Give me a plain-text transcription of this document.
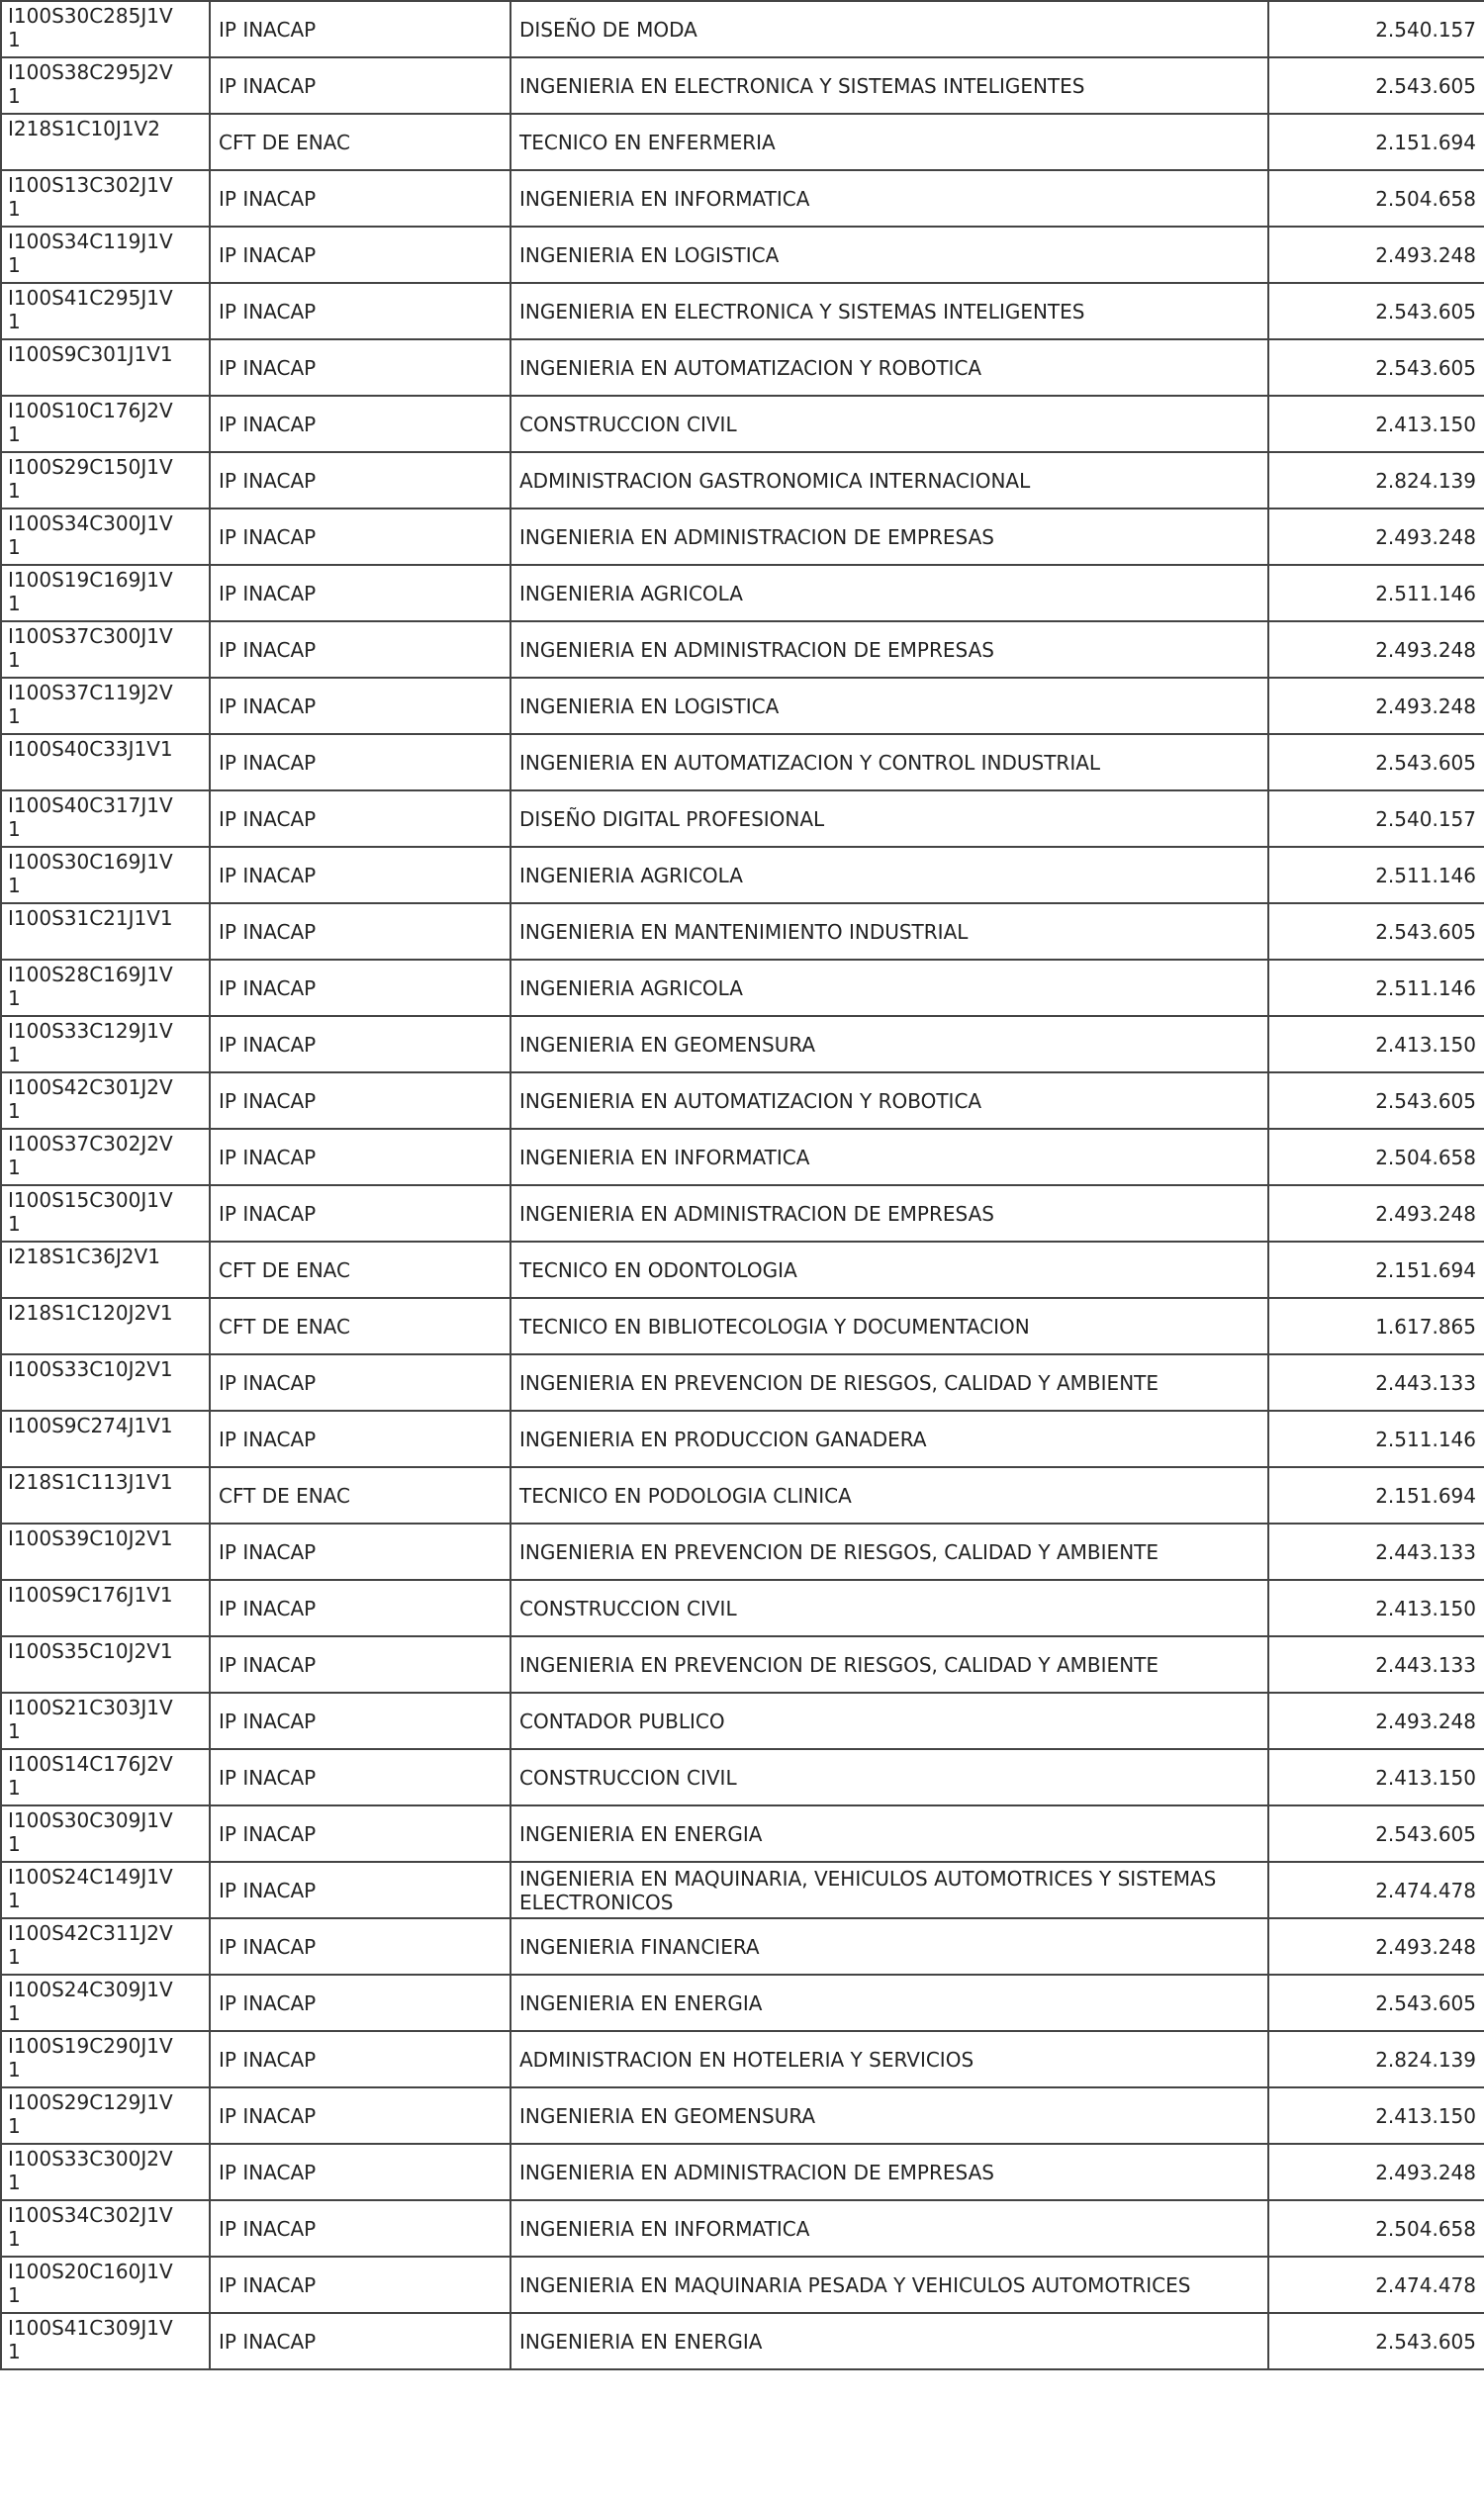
I100S30C285J1V1	IP INACAP	DISEÑO DE MODA	2.540.157
I100S38C295J2V1	IP INACAP	INGENIERIA EN ELECTRONICA Y SISTEMAS INTELIGENTES	2.543.605
I218S1C10J1V2	CFT DE ENAC	TECNICO EN ENFERMERIA	2.151.694
I100S13C302J1V1	IP INACAP	INGENIERIA EN INFORMATICA	2.504.658
I100S34C119J1V1	IP INACAP	INGENIERIA EN LOGISTICA	2.493.248
I100S41C295J1V1	IP INACAP	INGENIERIA EN ELECTRONICA Y SISTEMAS INTELIGENTES	2.543.605
I100S9C301J1V1	IP INACAP	INGENIERIA EN AUTOMATIZACION Y ROBOTICA	2.543.605
I100S10C176J2V1	IP INACAP	CONSTRUCCION CIVIL	2.413.150
I100S29C150J1V1	IP INACAP	ADMINISTRACION GASTRONOMICA INTERNACIONAL	2.824.139
I100S34C300J1V1	IP INACAP	INGENIERIA EN ADMINISTRACION DE EMPRESAS	2.493.248
I100S19C169J1V1	IP INACAP	INGENIERIA AGRICOLA	2.511.146
I100S37C300J1V1	IP INACAP	INGENIERIA EN ADMINISTRACION DE EMPRESAS	2.493.248
I100S37C119J2V1	IP INACAP	INGENIERIA EN LOGISTICA	2.493.248
I100S40C33J1V1	IP INACAP	INGENIERIA EN AUTOMATIZACION Y CONTROL INDUSTRIAL	2.543.605
I100S40C317J1V1	IP INACAP	DISEÑO DIGITAL PROFESIONAL	2.540.157
I100S30C169J1V1	IP INACAP	INGENIERIA AGRICOLA	2.511.146
I100S31C21J1V1	IP INACAP	INGENIERIA EN MANTENIMIENTO INDUSTRIAL	2.543.605
I100S28C169J1V1	IP INACAP	INGENIERIA AGRICOLA	2.511.146
I100S33C129J1V1	IP INACAP	INGENIERIA EN GEOMENSURA	2.413.150
I100S42C301J2V1	IP INACAP	INGENIERIA EN AUTOMATIZACION Y ROBOTICA	2.543.605
I100S37C302J2V1	IP INACAP	INGENIERIA EN INFORMATICA	2.504.658
I100S15C300J1V1	IP INACAP	INGENIERIA EN ADMINISTRACION DE EMPRESAS	2.493.248
I218S1C36J2V1	CFT DE ENAC	TECNICO EN ODONTOLOGIA	2.151.694
I218S1C120J2V1	CFT DE ENAC	TECNICO EN BIBLIOTECOLOGIA Y DOCUMENTACION	1.617.865
I100S33C10J2V1	IP INACAP	INGENIERIA EN PREVENCION DE RIESGOS, CALIDAD Y AMBIENTE	2.443.133
I100S9C274J1V1	IP INACAP	INGENIERIA EN PRODUCCION GANADERA	2.511.146
I218S1C113J1V1	CFT DE ENAC	TECNICO EN PODOLOGIA CLINICA	2.151.694
I100S39C10J2V1	IP INACAP	INGENIERIA EN PREVENCION DE RIESGOS, CALIDAD Y AMBIENTE	2.443.133
I100S9C176J1V1	IP INACAP	CONSTRUCCION CIVIL	2.413.150
I100S35C10J2V1	IP INACAP	INGENIERIA EN PREVENCION DE RIESGOS, CALIDAD Y AMBIENTE	2.443.133
I100S21C303J1V1	IP INACAP	CONTADOR PUBLICO	2.493.248
I100S14C176J2V1	IP INACAP	CONSTRUCCION CIVIL	2.413.150
I100S30C309J1V1	IP INACAP	INGENIERIA EN ENERGIA	2.543.605
I100S24C149J1V1	IP INACAP	INGENIERIA EN MAQUINARIA, VEHICULOS AUTOMOTRICES Y SISTEMAS ELECTRONICOS	2.474.478
I100S42C311J2V1	IP INACAP	INGENIERIA FINANCIERA	2.493.248
I100S24C309J1V1	IP INACAP	INGENIERIA EN ENERGIA	2.543.605
I100S19C290J1V1	IP INACAP	ADMINISTRACION EN HOTELERIA Y SERVICIOS	2.824.139
I100S29C129J1V1	IP INACAP	INGENIERIA EN GEOMENSURA	2.413.150
I100S33C300J2V1	IP INACAP	INGENIERIA EN ADMINISTRACION DE EMPRESAS	2.493.248
I100S34C302J1V1	IP INACAP	INGENIERIA EN INFORMATICA	2.504.658
I100S20C160J1V1	IP INACAP	INGENIERIA EN MAQUINARIA PESADA Y VEHICULOS AUTOMOTRICES	2.474.478
I100S41C309J1V1	IP INACAP	INGENIERIA EN ENERGIA	2.543.605
